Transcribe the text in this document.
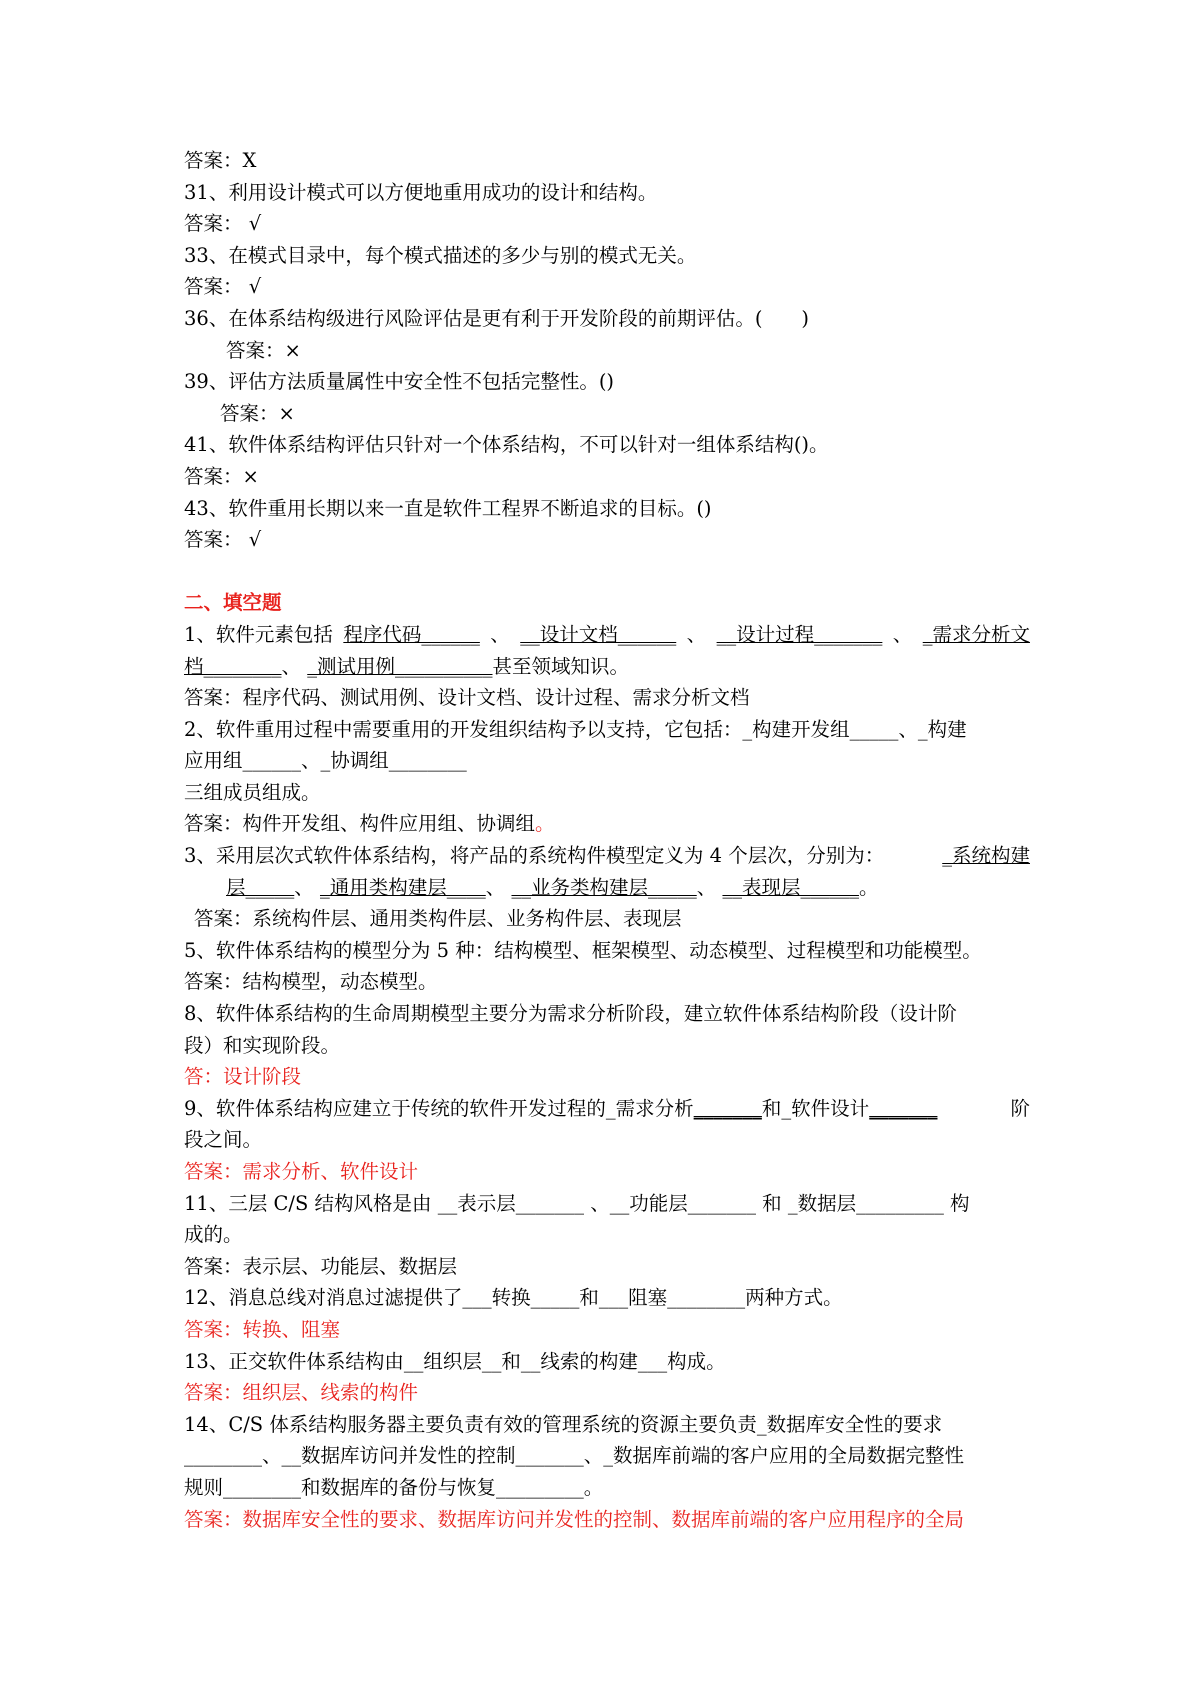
答案：X
31、利用设计模式可以方便地重用成功的设计和结构。
答案： √
33、在模式目录中，每个模式描述的多少与别的模式无关。
答案： √
36、在体系结构级进行风险评估是更有利于开发阶段的前期评估。(　　)
答案：×
39、评估方法质量属性中安全性不包括完整性。()
答案：×
41、软件体系结构评估只针对一个体系结构，不可以针对一组体系结构()。
答案：×
43、软件重用长期以来一直是软件工程界不断追求的目标。()
答案： √
二、填空题
1、软件元素包括 程序代码______ 、 __设计文档______ 、 __设计过程_______ 、 _需求分析文
档________、 _测试用例__________甚至领域知识。
答案：程序代码、测试用例、设计文档、设计过程、需求分析文档
2、软件重用过程中需要重用的开发组织结构予以支持，它包括：_构建开发组_____、_构建
应用组______、_协调组________
三组成员组成。
答案：构件开发组、构件应用组、协调组。
3、采用层次式软件体系结构，将产品的系统构件模型定义为 4 个层次，分别为：	_系统构建
层_____、 _通用类构建层____、 __业务类构建层_____、 __表现层______。
答案：系统构件层、通用类构件层、业务构件层、表现层
5、软件体系结构的模型分为 5 种：结构模型、框架模型、动态模型、过程模型和功能模型。
答案：结构模型，动态模型。
8、软件体系结构的生命周期模型主要分为需求分析阶段，建立软件体系结构阶段（设计阶
段）和实现阶段。
答：设计阶段
9、软件体系结构应建立于传统的软件开发过程的_需求分析_______和_软件设计_______	阶
段之间。
答案：需求分析、软件设计
11、三层 C/S 结构风格是由 __表示层_______ 、__功能层_______ 和 _数据层_________ 构
成的。
答案：表示层、功能层、数据层
12、消息总线对消息过滤提供了___转换_____和___阻塞________两种方式。
答案：转换、阻塞
13、正交软件体系结构由__组织层__和__线索的构建___构成。
答案：组织层、线索的构件
14、C/S 体系结构服务器主要负责有效的管理系统的资源主要负责_数据库安全性的要求
________、__数据库访问并发性的控制_______、_数据库前端的客户应用的全局数据完整性
规则________和数据库的备份与恢复_________。
答案：数据库安全性的要求、数据库访问并发性的控制、数据库前端的客户应用程序的全局
